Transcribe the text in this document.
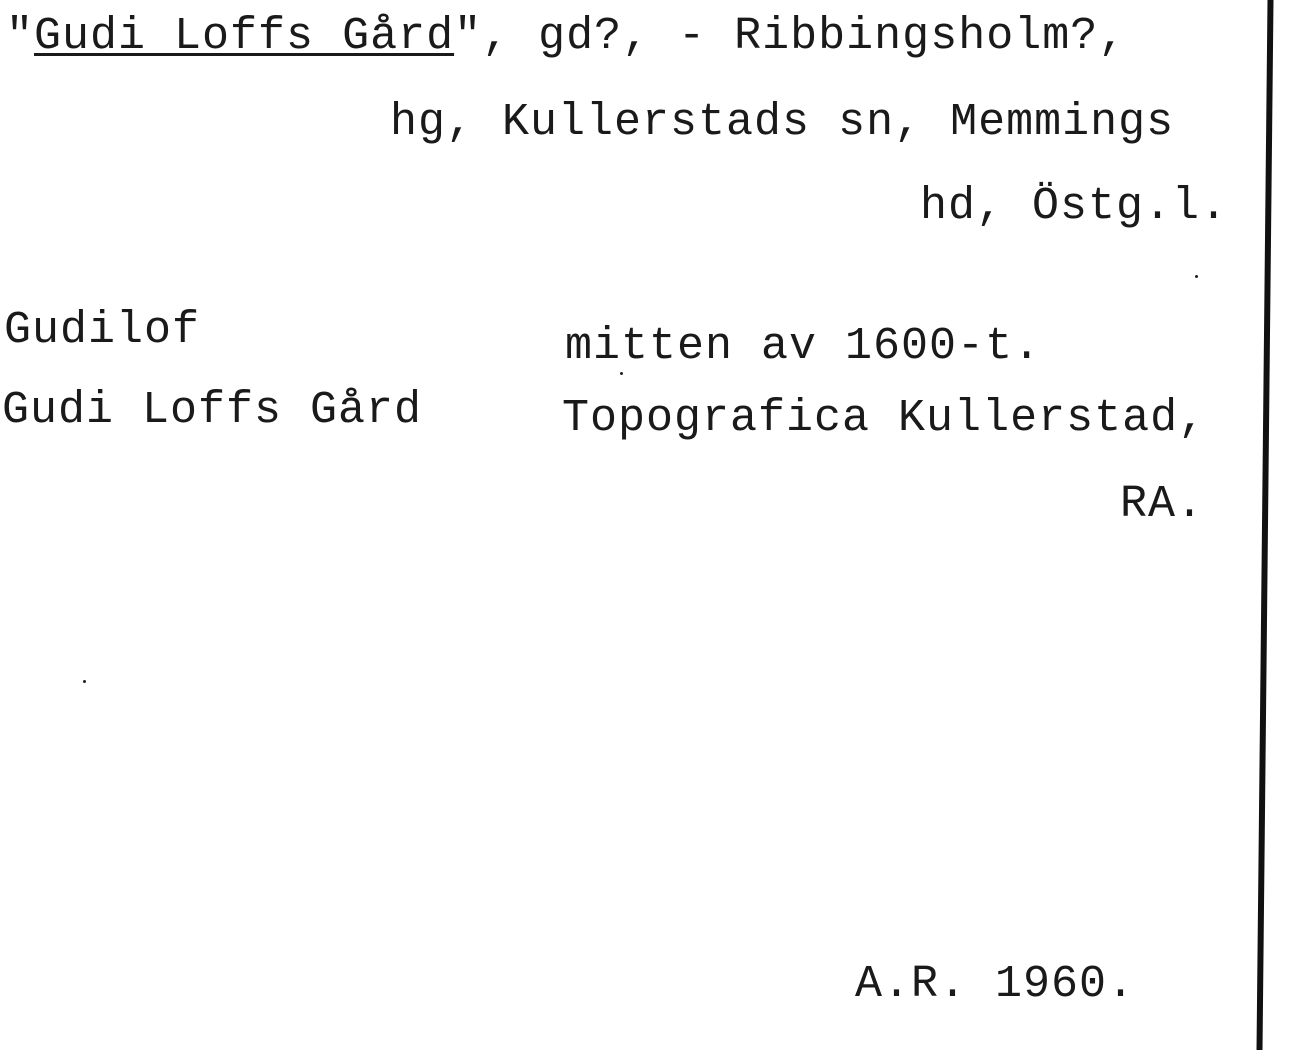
"Gudi Loffs Gård", gd?, - Ribbingsholm?,
hg, Kullerstads sn, Memmings
hd, Östg.l.
Gudilof	mitten av 1600-t.
Gudi Loffs Gård	Topografica Kullerstad,
RA.
A.R. 1960.
